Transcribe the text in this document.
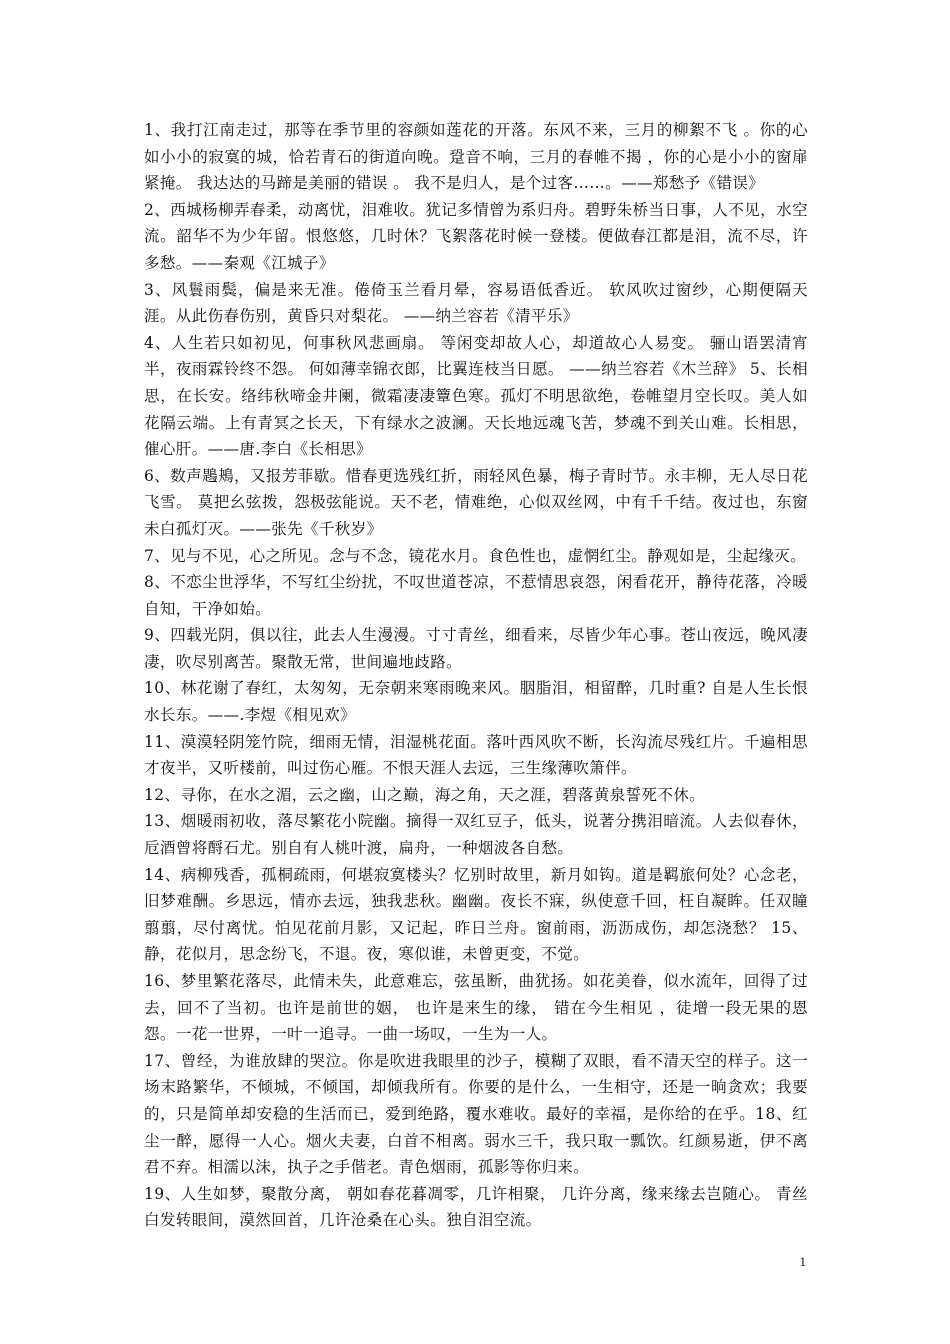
1、我打江南走过，那等在季节里的容颜如莲花的开落。东风不来，三月的柳絮不飞 。你的心如小小的寂寞的城，恰若青石的街道向晚。跫音不响，三月的春帷不揭 ，你的心是小小的窗扉紧掩。 我达达的马蹄是美丽的错误 。 我不是归人，是个过客……。——郑愁予《错误》

2、西城杨柳弄春柔，动离忧，泪难收。犹记多情曾为系归舟。碧野朱桥当日事，人不见，水空流。韶华不为少年留。恨悠悠，几时休？飞絮落花时候一登楼。便做春江都是泪，流不尽，许多愁。——秦观《江城子》

3、风鬟雨鬓，偏是来无准。倦倚玉兰看月晕，容易语低香近。 软风吹过窗纱，心期便隔天涯。从此伤春伤别，黄昏只对梨花。 ——纳兰容若《清平乐》

4、人生若只如初见，何事秋风悲画扇。 等闲变却故人心，却道故心人易变。 骊山语罢清宵半，夜雨霖铃终不怨。 何如薄幸锦衣郎，比翼连枝当日愿。 ——纳兰容若《木兰辞》 5、长相思，在长安。络纬秋啼金井阑，微霜凄凄簟色寒。孤灯不明思欲绝，卷帷望月空长叹。美人如花隔云端。上有青冥之长天，下有绿水之波澜。天长地远魂飞苦，梦魂不到关山难。长相思，催心肝。——唐.李白《长相思》

6、数声鶗鴂，又报芳菲歇。惜春更选残红折，雨轻风色暴，梅子青时节。永丰柳，无人尽日花飞雪。 莫把幺弦拨，怨极弦能说。天不老，情难绝，心似双丝网，中有千千结。夜过也，东窗未白孤灯灭。——张先《千秋岁》

7、见与不见，心之所见。念与不念，镜花水月。食色性也，虚惘红尘。静观如是，尘起缘灭。

8、不恋尘世浮华，不写红尘纷扰，不叹世道苍凉，不惹情思哀怨，闲看花开，静待花落，冷暖自知，干净如始。

9、四载光阴，俱以往，此去人生漫漫。寸寸青丝，细看来，尽皆少年心事。苍山夜远，晚风凄凄，吹尽别离苦。聚散无常，世间遍地歧路。

10、林花谢了春红，太匆匆，无奈朝来寒雨晚来风。胭脂泪，相留醉，几时重? 自是人生长恨水长东。——.李煜《相见欢》

11、漠漠轻阴笼竹院，细雨无情，泪湿桃花面。落叶西风吹不断，长沟流尽残红片。千遍相思才夜半，又听楼前，叫过伤心雁。不恨天涯人去远，三生缘薄吹箫伴。

12、寻你，在水之湄，云之幽，山之巅，海之角，天之涯，碧落黄泉誓死不休。

13、烟暖雨初收，落尽繁花小院幽。摘得一双红豆子，低头，说著分携泪暗流。人去似春休，卮酒曾将酹石尤。别自有人桃叶渡，扁舟，一种烟波各自愁。

14、病柳残香，孤桐疏雨，何堪寂寞楼头？忆别时故里，新月如钩。道是羁旅何处？心念老，旧梦难酬。乡思远，情亦去远，独我悲秋。幽幽。夜长不寐，纵使意千回，枉自凝眸。任双瞳翦翦，尽付离忧。怕见花前月影，又记起，昨日兰舟。窗前雨，沥沥成伤，却怎浇愁？ 15、静，花似月，思念纷飞，不退。夜，寒似谁，未曾更变，不觉。

16、梦里繁花落尽，此情未失，此意难忘，弦虽断，曲犹扬。如花美眷，似水流年，回得了过去，回不了当初。也许是前世的姻， 也许是来生的缘， 错在今生相见 ，徒增一段无果的恩怨。一花一世界，一叶一追寻。一曲一场叹，一生为一人。

17、曾经，为谁放肆的哭泣。你是吹进我眼里的沙子，模糊了双眼，看不清天空的样子。这一场末路繁华，不倾城，不倾国，却倾我所有。你要的是什么，一生相守，还是一晌贪欢；我要的，只是简单却安稳的生活而已，爱到绝路，覆水难收。最好的幸福，是你给的在乎。18、红尘一醉，愿得一人心。烟火夫妻，白首不相离。弱水三千，我只取一瓢饮。红颜易逝，伊不离君不弃。相濡以沫，执子之手偕老。青色烟雨，孤影等你归来。

19、人生如梦，聚散分离， 朝如春花暮凋零，几许相聚， 几许分离，缘来缘去岂随心。 青丝白发转眼间，漠然回首，几许沧桑在心头。独自泪空流。

1
